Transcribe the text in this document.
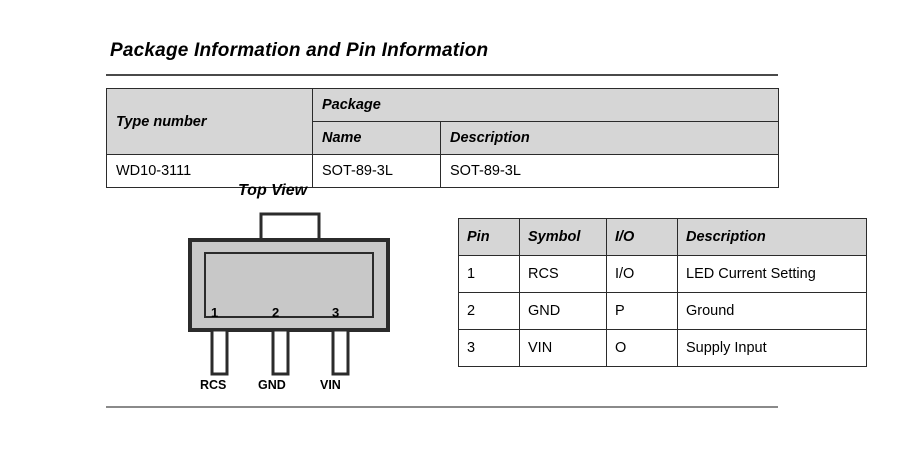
Package Information and Pin Information
Type number	Package	
	Name	Description
WD10-3111	SOT-89-3L	SOT-89-3L
Top View
1	2	3
RCS	GND	VIN
Pin	Symbol	I/O	Description
1	RCS	I/O	LED Current Setting
2	GND	P	Ground
3	VIN	O	Supply Input
